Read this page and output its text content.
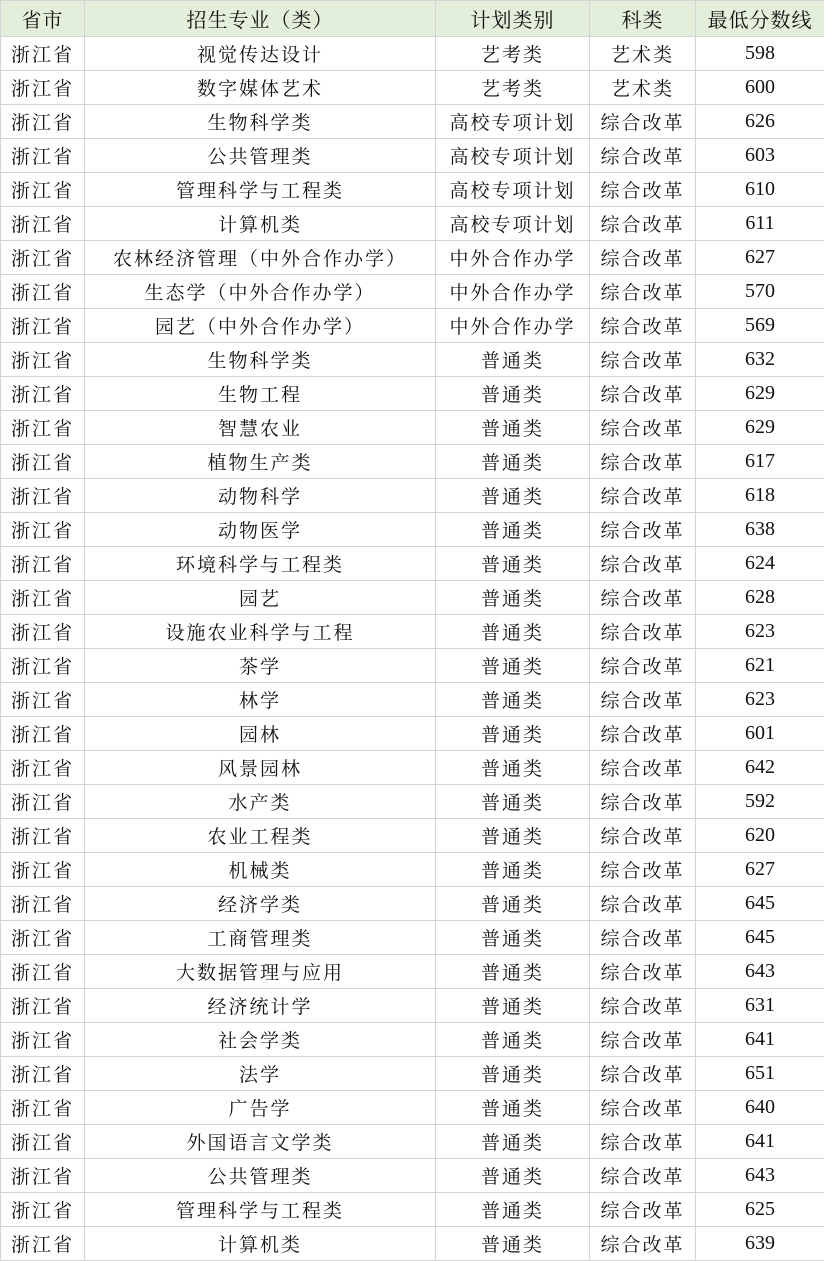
省市	招生专业（类）	计划类别	科类	最低分数线
浙江省	视觉传达设计	艺考类	艺术类	598
浙江省	数字媒体艺术	艺考类	艺术类	600
浙江省	生物科学类	高校专项计划	综合改革	626
浙江省	公共管理类	高校专项计划	综合改革	603
浙江省	管理科学与工程类	高校专项计划	综合改革	610
浙江省	计算机类	高校专项计划	综合改革	611
浙江省	农林经济管理（中外合作办学）	中外合作办学	综合改革	627
浙江省	生态学（中外合作办学）	中外合作办学	综合改革	570
浙江省	园艺（中外合作办学）	中外合作办学	综合改革	569
浙江省	生物科学类	普通类	综合改革	632
浙江省	生物工程	普通类	综合改革	629
浙江省	智慧农业	普通类	综合改革	629
浙江省	植物生产类	普通类	综合改革	617
浙江省	动物科学	普通类	综合改革	618
浙江省	动物医学	普通类	综合改革	638
浙江省	环境科学与工程类	普通类	综合改革	624
浙江省	园艺	普通类	综合改革	628
浙江省	设施农业科学与工程	普通类	综合改革	623
浙江省	茶学	普通类	综合改革	621
浙江省	林学	普通类	综合改革	623
浙江省	园林	普通类	综合改革	601
浙江省	风景园林	普通类	综合改革	642
浙江省	水产类	普通类	综合改革	592
浙江省	农业工程类	普通类	综合改革	620
浙江省	机械类	普通类	综合改革	627
浙江省	经济学类	普通类	综合改革	645
浙江省	工商管理类	普通类	综合改革	645
浙江省	大数据管理与应用	普通类	综合改革	643
浙江省	经济统计学	普通类	综合改革	631
浙江省	社会学类	普通类	综合改革	641
浙江省	法学	普通类	综合改革	651
浙江省	广告学	普通类	综合改革	640
浙江省	外国语言文学类	普通类	综合改革	641
浙江省	公共管理类	普通类	综合改革	643
浙江省	管理科学与工程类	普通类	综合改革	625
浙江省	计算机类	普通类	综合改革	639
